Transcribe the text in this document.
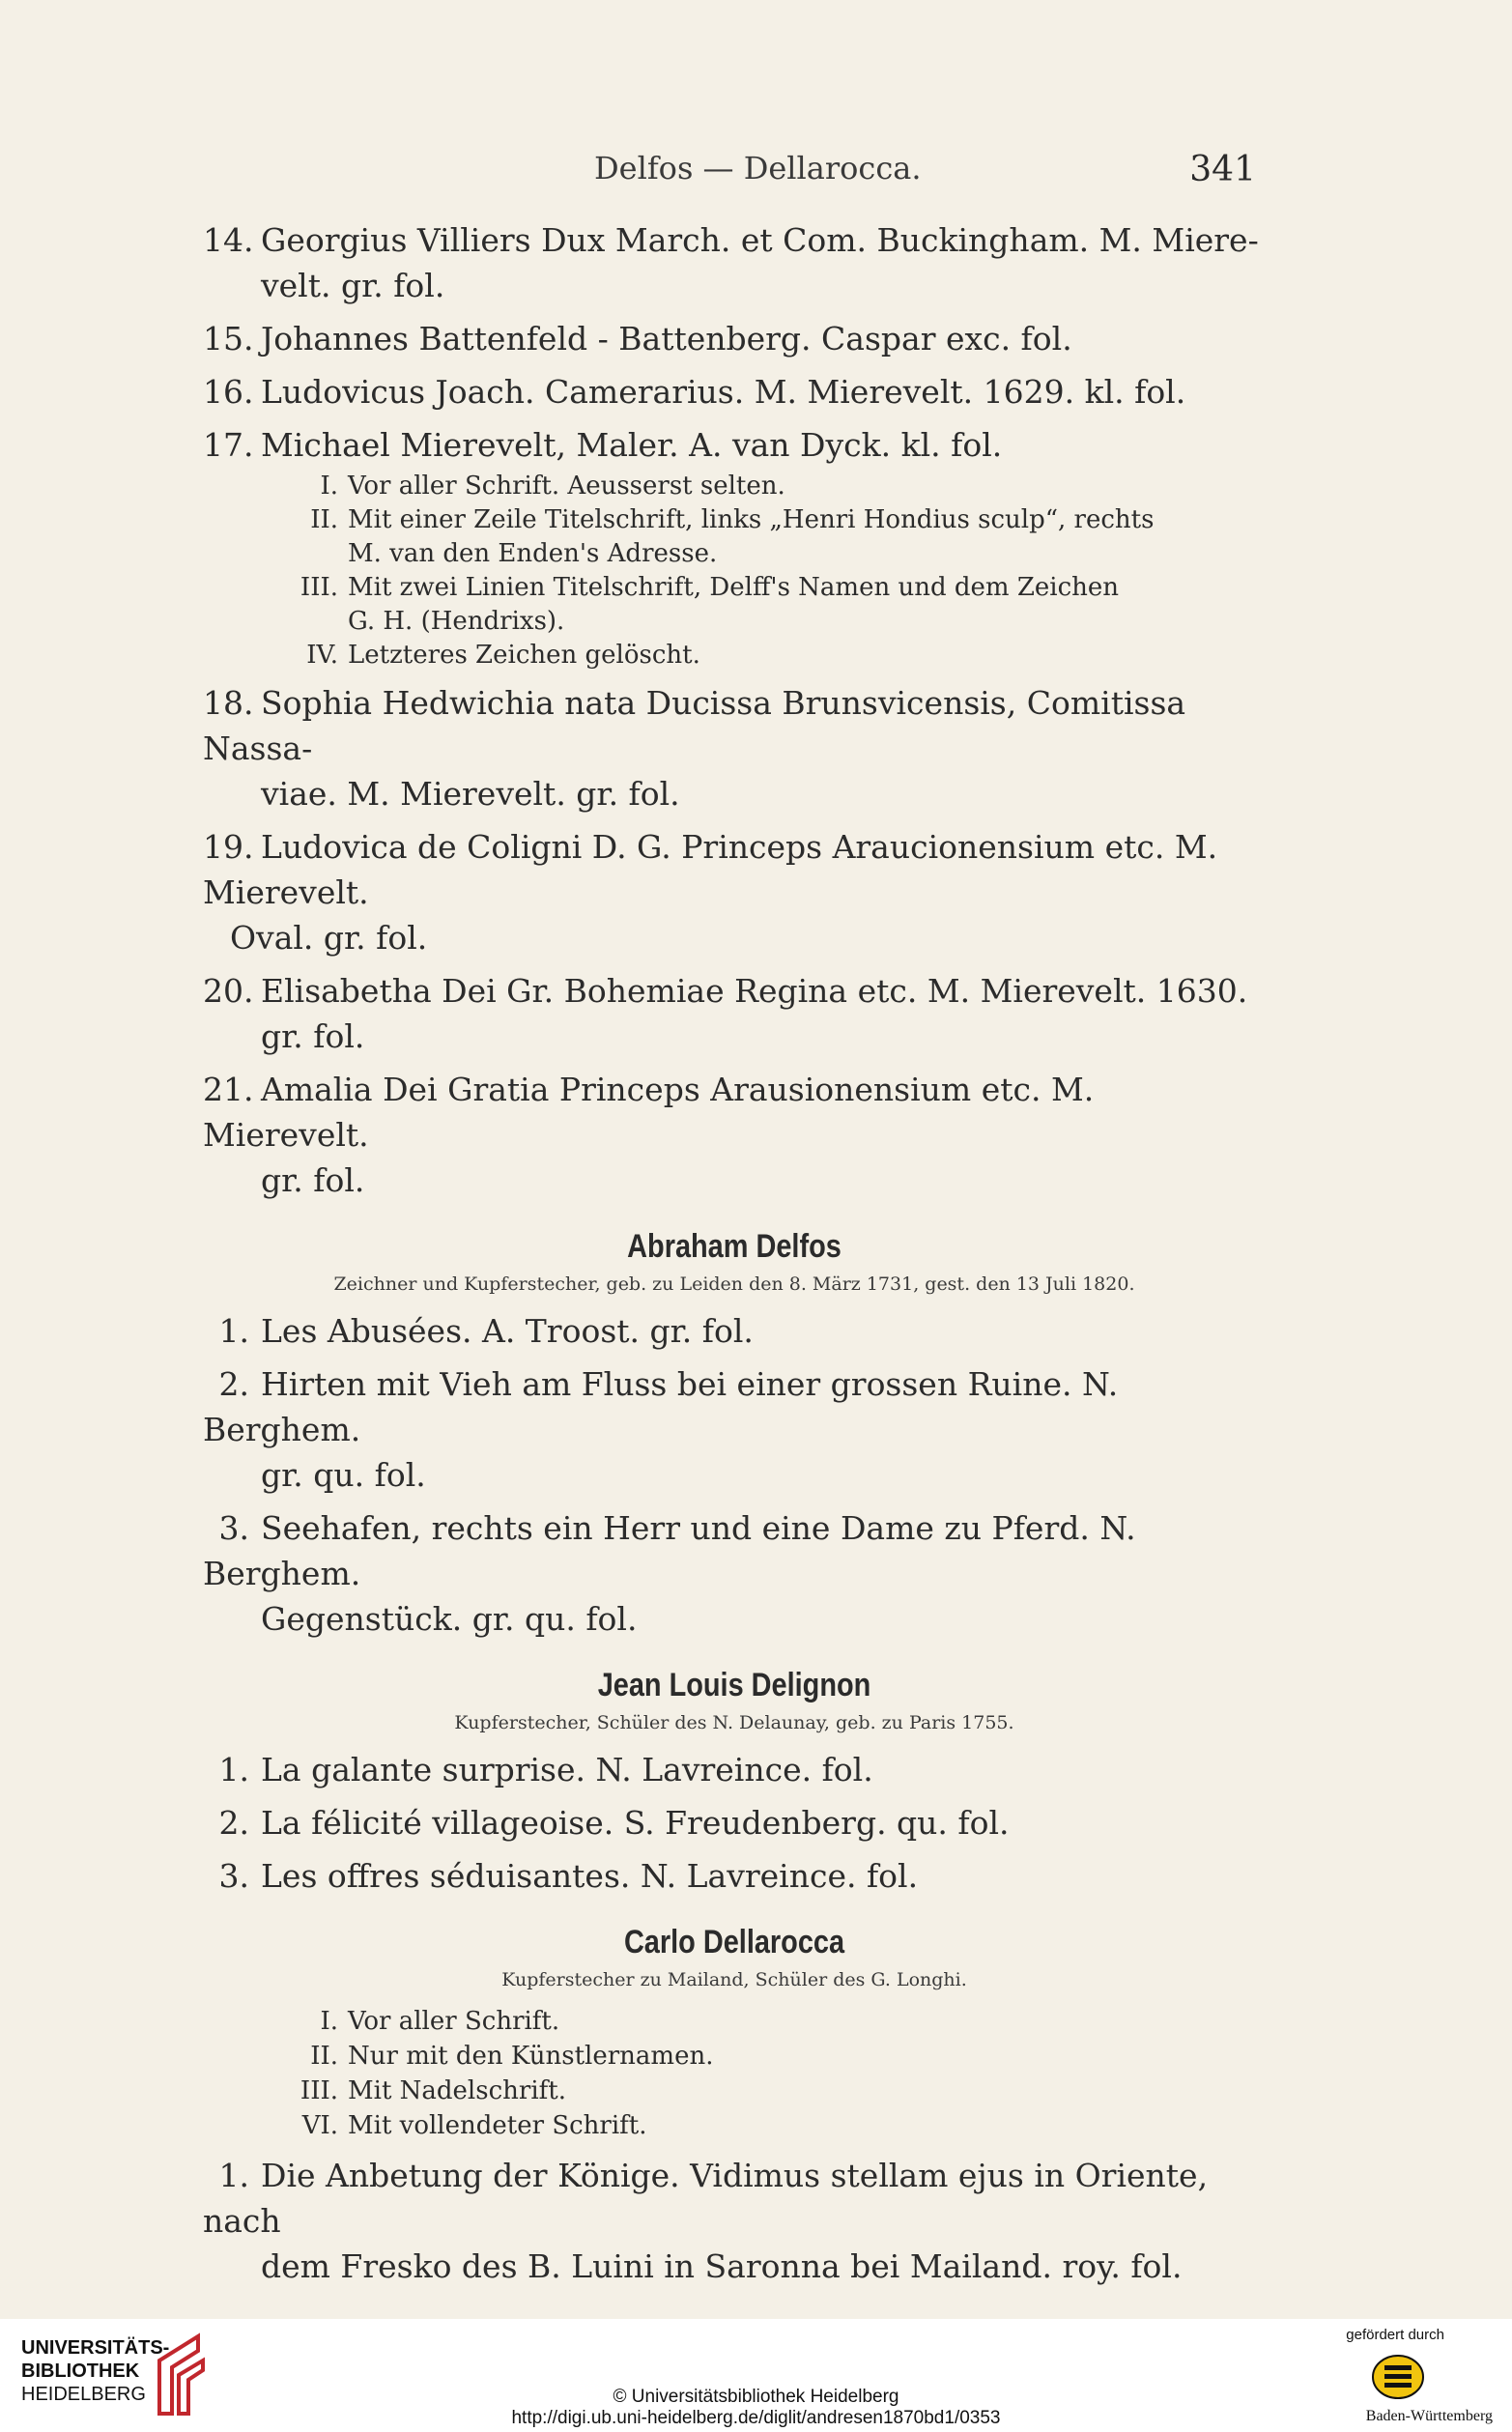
Delfos — Dellarocca.	341
14. Georgius Villiers Dux March. et Com. Buckingham. M. Miere-
velt. gr. fol.
15. Johannes Battenfeld - Battenberg. Caspar exc. fol.
16. Ludovicus Joach. Camerarius. M. Mierevelt. 1629. kl. fol.
17. Michael Mierevelt, Maler. A. van Dyck. kl. fol.
I. Vor aller Schrift. Aeusserst selten.
II. Mit einer Zeile Titelschrift, links „Henri Hondius sculp“, rechts
M. van den Enden's Adresse.
III. Mit zwei Linien Titelschrift, Delff's Namen und dem Zeichen
G. H. (Hendrixs).
IV. Letzteres Zeichen gelöscht.
18. Sophia Hedwichia nata Ducissa Brunsvicensis, Comitissa Nassa-
viae. M. Mierevelt. gr. fol.
19. Ludovica de Coligni D. G. Princeps Araucionensium etc. M. Mierevelt.
Oval. gr. fol.
20. Elisabetha Dei Gr. Bohemiae Regina etc. M. Mierevelt. 1630.
gr. fol.
21. Amalia Dei Gratia Princeps Arausionensium etc. M. Mierevelt.
gr. fol.
Abraham Delfos
Zeichner und Kupferstecher, geb. zu Leiden den 8. März 1731, gest. den 13 Juli 1820.
1. Les Abusées. A. Troost. gr. fol.
2. Hirten mit Vieh am Fluss bei einer grossen Ruine. N. Berghem.
gr. qu. fol.
3. Seehafen, rechts ein Herr und eine Dame zu Pferd. N. Berghem.
Gegenstück. gr. qu. fol.
Jean Louis Delignon
Kupferstecher, Schüler des N. Delaunay, geb. zu Paris 1755.
1. La galante surprise. N. Lavreince. fol.
2. La félicité villageoise. S. Freudenberg. qu. fol.
3. Les offres séduisantes. N. Lavreince. fol.
Carlo Dellarocca
Kupferstecher zu Mailand, Schüler des G. Longhi.
I. Vor aller Schrift.
II. Nur mit den Künstlernamen.
III. Mit Nadelschrift.
VI. Mit vollendeter Schrift.
1. Die Anbetung der Könige. Vidimus stellam ejus in Oriente, nach
dem Fresko des B. Luini in Saronna bei Mailand. roy. fol.
UNIVERSITÄTS-
BIBLIOTHEK
HEIDELBERG	© Universitätsbibliothek Heidelberg
http://digi.ub.uni-heidelberg.de/diglit/andresen1870bd1/0353
gefördert durch
Baden-Württemberg
